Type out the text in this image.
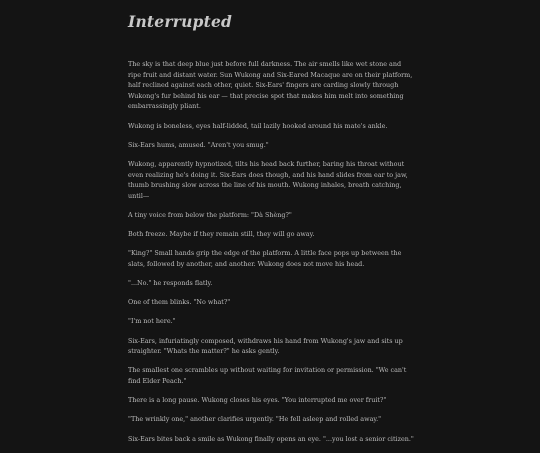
Interrupted

The sky is that deep blue just before full darkness. The air smells like wet stone and ripe fruit and distant water. Sun Wukong and Six-Eared Macaque are on their platform, half reclined against each other, quiet. Six-Ears' fingers are carding slowly through Wukong's fur behind his ear — that precise spot that makes him melt into something embarrassingly pliant.

Wukong is boneless, eyes half-lidded, tail lazily hooked around his mate's ankle.

Six-Ears hums, amused. "Aren't you smug."

Wukong, apparently hypnotized, tilts his head back further, baring his throat without even realizing he's doing it. Six-Ears does though, and his hand slides from ear to jaw, thumb brushing slow across the line of his mouth. Wukong inhales, breath catching, until—

A tiny voice from below the platform: "Dà Shèng?"

Both freeze. Maybe if they remain still, they will go away.

"King?" Small hands grip the edge of the platform. A little face pops up between the slats, followed by another, and another. Wukong does not move his head.

"...No." he responds flatly.

One of them blinks. "No what?"

"I'm not here."

Six-Ears, infuriatingly composed, withdraws his hand from Wukong's jaw and sits up straighter. "Whats the matter?" he asks gently.

The smallest one scrambles up without waiting for invitation or permission. "We can't find Elder Peach."

There is a long pause. Wukong closes his eyes. "You interrupted me over fruit?"

"The wrinkly one," another clarifies urgently. "He fell asleep and rolled away."

Six-Ears bites back a smile as Wukong finally opens an eye. "...you lost a senior citizen."
